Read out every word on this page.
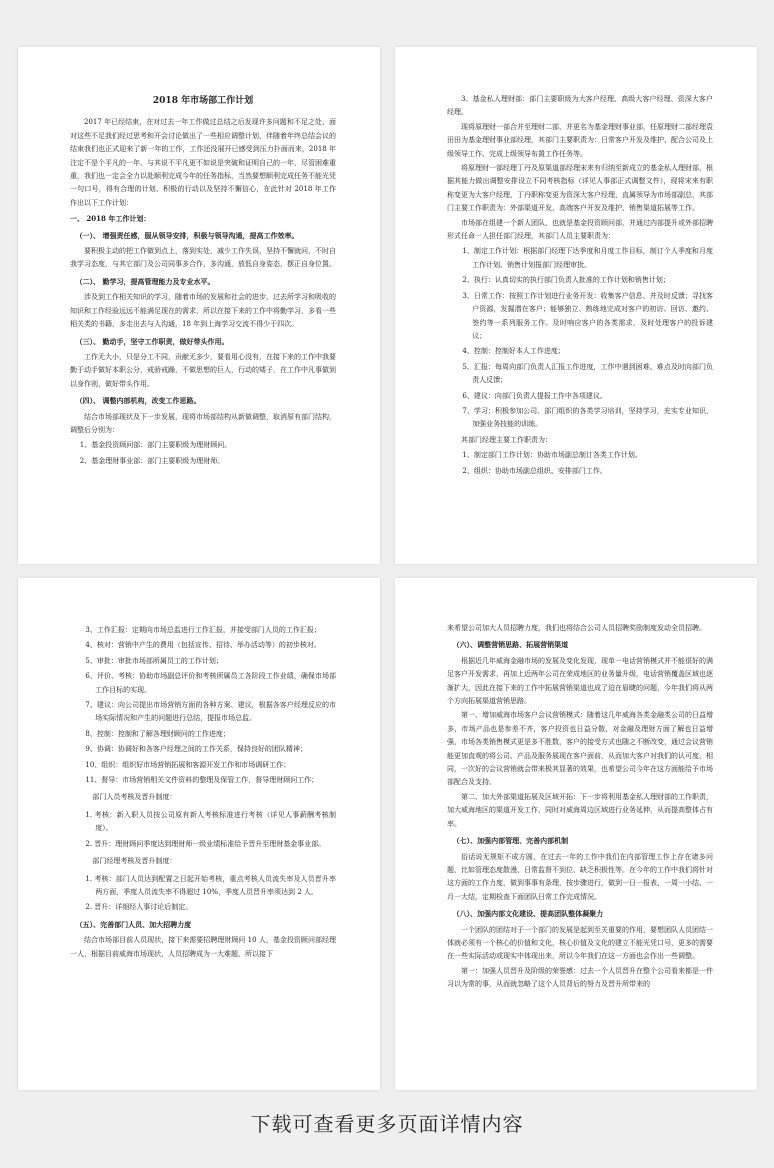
2018 年市场部工作计划

2017 年已经结束，在对过去一年工作做过总结之后发现许多问题和不足之处，面对这些不足我们经过思考和开会讨论做出了一些相应调整计划，伴随着年终总结会议的结束我们也正式迎来了新一年的工作，工作还没展开已感受到压力扑面而来，2018 年注定不是个平凡的一年，与其说不平凡更不如说是突破和证明自己的一年，尽管困难重重，我们也一定会全力以赴顺利完成今年的任务指标，当然要想顺利完成任务不能光凭一句口号，得有合理的计划、积极的行动以及坚持不懈信心，在此针对 2018 年工作作出以下工作计划：

一、 2018 年工作计划：

（一）、 增强责任感，服从领导安排，积极与领导沟通，提高工作效率。

要积极主动的把工作做到点上，落到实处，减少工作失误，坚持不懈就问，不时自我学习态度，与其它部门及公司同事多合作，多沟通，放低自身姿态，摆正自身位置。

（二）、 勤学习，提高管理能力及专业水平。

涉及到工作相关知识的学习，随着市场的发展和社会的进步，过去所学习和吸收的知识和工作经验远远不能满足现在的需求，所以在接下来的工作中将勤学习，多看一些相关类的书籍，多走出去与人沟通，18 年到上海学习交流不得少于四次。

（三）、 勤动手，坚守工作职责，做好带头作用。

工作无大小，只是分工不同，贡献无多少，要看用心没有，在接下来的工作中我要勤于动手做好本职公分，戒骄戒躁，不做思想的巨人，行动的矮子，在工作中凡事做到以身作则，做好带头作用。

（四）、 调整内部机构，改变工作思路。

结合市场部现状及下一步发展，现将市场部结构从新做调整，取消原有部门结构，调整后分别为：

1、基金投资顾问部：部门主要职级为理财顾问。

2、基金理财事业部：部门主要职级为理财师。

3、基金私人理财部：部门主要职级为大客户经理、高级大客户经理、资深大客户经理。

现将原理财一部合并至理财二部，并更名为基金理财事业部，任原理财二部经理袁田田为基金理财事业部经理，其部门主要职责为：日常客户开发及维护、配合公司及上级领导工作、完成上级领导布置工作任务等。

将原理财一部经理丁丹及原渠道部经理宋来有归纳至新成立的基金私人理财部，根据其能力做出调整安排设立不同考核指标（详见人事部正式调整文件），现将宋来有职称变更为大客户经理，丁丹职称变更为资深大客户经理，直属领导为市场部副总，其部门主要工作职责为：外部渠道开发，高端客户开发及维护、销售渠道拓展等工作。

市场部在组建一个新人团队，也就是基金投资顾问部，并通过内部提升或外部招聘形式任命一人担任部门经理，其部门人员主要职责为：

1、制定工作计划：根据部门经理下达季度和月度工作目标，制订个人季度和月度工作计划、销售计划报部门经理审批。

2、执行：认真切实的执行部门负责人批准的工作计划和销售计划；

3、日常工作：按照工作计划进行业务开发：收集客户信息、并及时反馈；寻找客户资源，发掘潜在客户；能够独立、熟练地完成对客户的初访、回访、邀约、签约等一系列服务工作。及时响应客户的各类需求，及时处理客户的投诉建议；

4、控制：控制好本人工作进度；

5、汇报：每周向部门负责人汇报工作进度，工作中遇到困难、难点及时向部门负责人反馈；

6、建议：向部门负责人提报工作中各项建议。

7、学习：积极参加公司、部门组织的各类学习培训，坚持学习，充实专业知识，加强业务技能的训练。

其部门经理主要工作职责为：

1、制定部门工作计划：协助市场副总制订各类工作计划。

2、组织：协助市场副总组织、安排部门工作。

3、工作汇报：定期向市场总监进行工作汇报，并接受部门人员的工作汇报；

4、核对：营销中产生的费用（包括宣传、招待、举办活动等）的初步核对。

5、审批：审批市场部所属员工的工作计划；

6、评价、考核：协助市场副总评价和考核所属员工各阶段工作业绩，确保市场部工作目标的实现。

7、建议：向公司提出市场营销方面的各种方案、建议，根据各客户经理反应的市场实际情况和产生的问题进行总结，提报市场总监。

8、控制：控制和了解各理财顾问的工作进度；

9、协调：协调好和各客户经理之间的工作关系，保持良好的团队精神；

10、组织：组织好市场营销拓展和客源开发工作和市场调研工作；

11、督导：市场营销相关文件资料的整理及保管工作，督导理财顾问工作；

部门人员考核及晋升制度：

1. 考核：新入职人员按公司原有新人考核标准进行考核（详见人事薪酬考核制度）。

2. 晋升：理财顾问季度达到理财师一级业绩标准给予晋升至理财基金事业部。

部门经理考核及晋升制度：

1. 考核：部门人员达到配置之日起开始考核，重点考核人员流失率及人员晋升率两方面，季度人员流失率不得超过 10%，季度人员晋升率须达到 2 人。

2. 晋升：详细经人事讨论后制定。

（五）、完善部门人员、加大招聘力度

结合市场部目前人员现状，接下来需要招聘理财顾问 10 人，基金投资顾问部经理一人，根据目前威海市场现状，人员招聘成为一大难题，所以接下

来希望公司加大人员招聘力度，我们也将结合公司人员招聘奖励制度发动全员招聘。

（六）、调整营销思路、拓展营销渠道

根据近几年威海金融市场的发展及变化发现，现单一电话营销模式并不能很好的满足客户开发需求，再加上近两年公司在荣成地区的业务量升级，电话营销覆盖区域也逐渐扩大，因此在接下来的工作中拓展营销渠道也成了迫在眉睫的问题，今年我们将从两个方向拓展渠道营销思路。

第一、增加威海市场客户会议营销模式：随着这几年威海各类金融类公司的日益增多，市场产品也是参差不齐，客户投资也日益分散，对金融及理财方面了解也日益增强，市场各类销售模式更是多不胜数，客户的接受方式也随之不断改变，通过会议营销能更加直观的将公司、产品及服务展现在客户面前，从而加大客户对我们的认可度，相同，一次好的会议营销就会带来极其显著的效果，也希望公司今年在这方面能给予市场部配合及支持。

第二、加大外部渠道拓展及区域开拓：下一步将利用基金私人理财部的工作职责，加大威海地区的渠道开发工作，同时对威海周边区域进行业务延伸，从而提高整体占有率。

（七）、加强内部管理、完善内部机制

俗话说无规矩不成方圆，在过去一年的工作中我们在内部管理工作上存在诸多问题，比如管理态度散漫、日常监督不到位、缺乏积极性等。在今年的工作中我们将针对这方面的工作力度，做到事事有条理，按步骤进行，做到一日一报表、一周一小结、一月一大结，定期检查下面团队日常工作完成情况。

（八）、加强内部文化建设、提高团队整体凝聚力

一个团队的团结对于一个部门的发展是起到至关重要的作用，要想团队人员团结一体就必须有一个核心的价值和文化，核心价值及文化的建立不能光凭口号，更多的需要在一些实际活动或现实中体现出来，所以今年我们在这一方面也会作出一些调整。

第一：加强人员晋升及阶级的荣誉感：过去一个人员晋升在整个公司看来都是一件习以为常的事，从而就忽略了这个人员背后的努力及晋升所带来的

下载可查看更多页面详情内容
